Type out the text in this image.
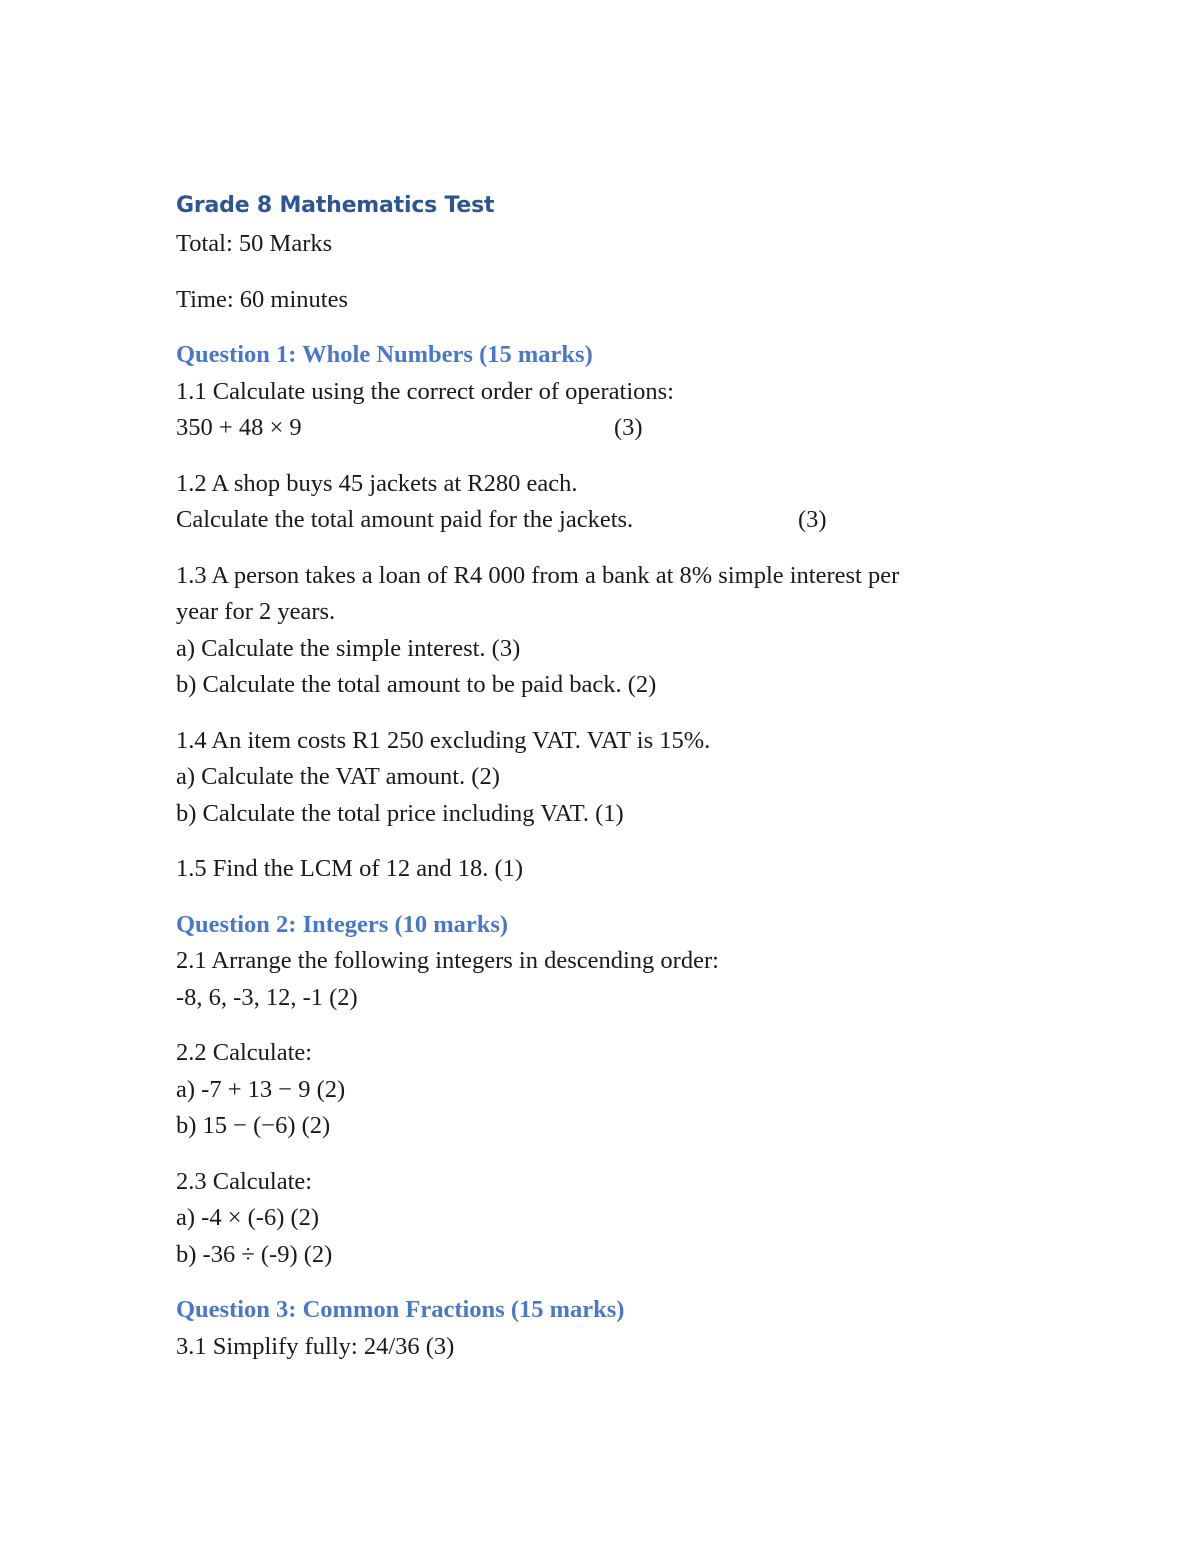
Grade 8 Mathematics Test

Total: 50 Marks

Time: 60 minutes

Question 1: Whole Numbers (15 marks)

1.1 Calculate using the correct order of operations:

350 + 48 × 9	(3)

1.2 A shop buys 45 jackets at R280 each.

Calculate the total amount paid for the jackets.	(3)

1.3 A person takes a loan of R4 000 from a bank at 8% simple interest per

year for 2 years.

a) Calculate the simple interest. (3)

b) Calculate the total amount to be paid back. (2)

1.4 An item costs R1 250 excluding VAT. VAT is 15%.

a) Calculate the VAT amount. (2)

b) Calculate the total price including VAT. (1)

1.5 Find the LCM of 12 and 18. (1)

Question 2: Integers (10 marks)

2.1 Arrange the following integers in descending order:

-8, 6, -3, 12, -1 (2)

2.2 Calculate:

a) -7 + 13 − 9 (2)

b) 15 − (−6) (2)

2.3 Calculate:

a) -4 × (-6) (2)

b) -36 ÷ (-9) (2)

Question 3: Common Fractions (15 marks)

3.1 Simplify fully: 24/36 (3)
